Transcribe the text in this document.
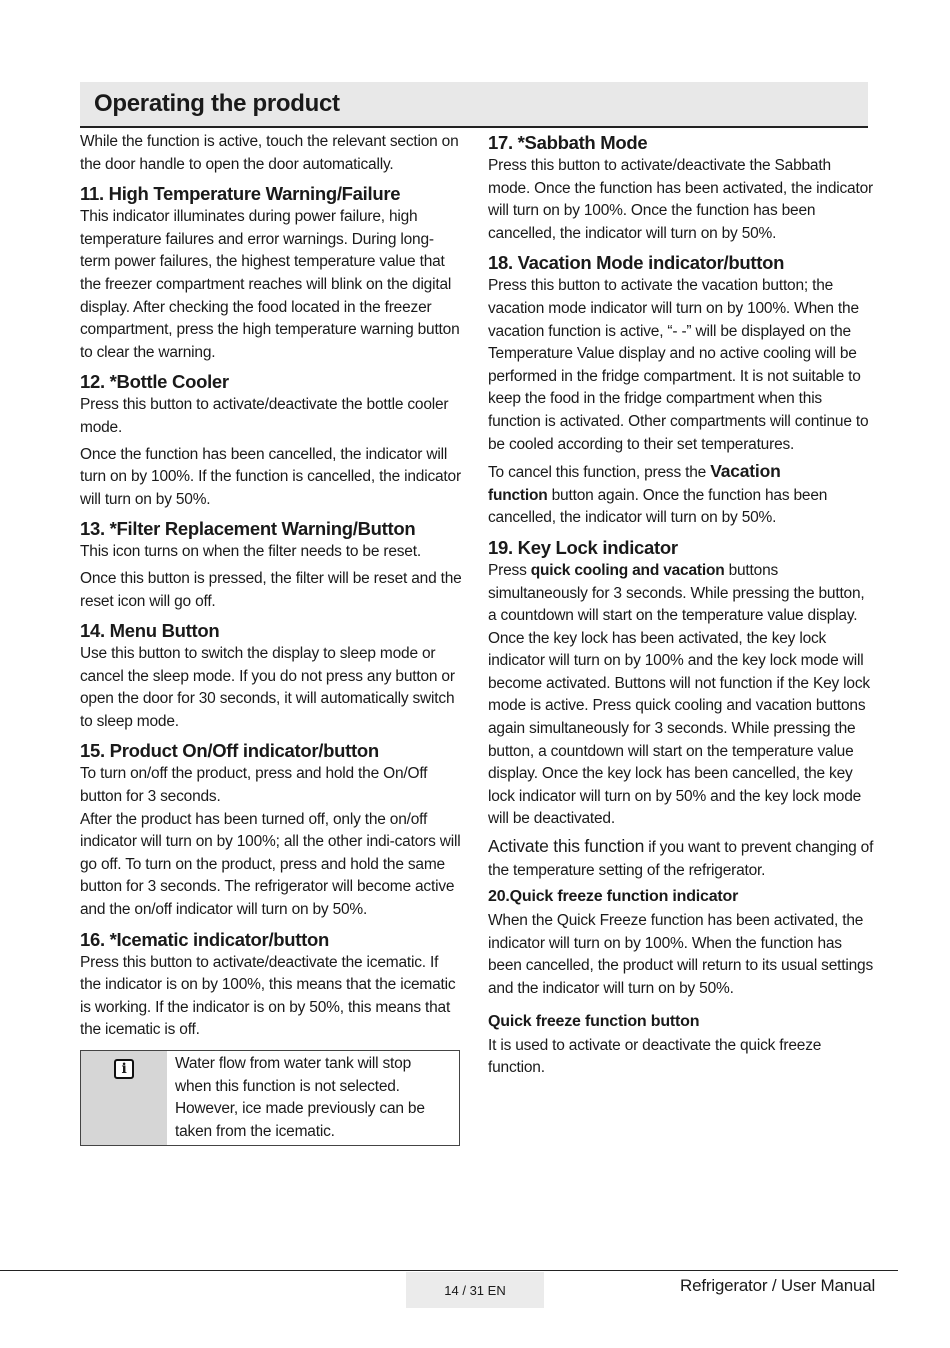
Operating the product

While the function is active, touch the relevant section on the door handle to open the door automatically.

11. High Temperature Warning/Failure

This indicator illuminates during power failure, high temperature failures and error warnings. During long-term power failures, the highest temperature value that the freezer compartment reaches will blink on the digital display. After checking the food located in the freezer compartment, press the high temperature warning button to clear the warning.

12. *Bottle Cooler

Press this button to activate/deactivate the bottle cooler mode.

Once the function has been cancelled, the indicator will turn on by 100%. If the function is cancelled, the indicator will turn on by 50%.

13. *Filter Replacement Warning/Button

This icon turns on when the filter needs to be reset.

Once this button is pressed, the filter will be reset and the reset icon will go off.

14. Menu Button

Use this button to switch the display to sleep mode or cancel the sleep mode. If you do not press any button or open the door for 30 seconds, it will automatically switch to sleep mode.

15. Product On/Off indicator/button

To turn on/off the product, press and hold the On/Off button for 3 seconds.

After the product has been turned off, only the on/off indicator will turn on by 100%; all the other indi-cators will go off. To turn on the product, press and hold the same button for 3 seconds. The refrigerator will become active and the on/off indicator will turn on by 50%.

16. *Icematic indicator/button

Press this button to activate/deactivate the icematic. If the indicator is on by 100%, this means that the icematic is working. If the indicator is on by 50%, this means that the icematic is off.

i	Water flow from water tank will stop when this function is not selected. However, ice made previously can be taken from the icematic.
17. *Sabbath Mode

Press this button to activate/deactivate the Sabbath mode. Once the function has been activated, the indicator will turn on by 100%. Once the function has been cancelled, the indicator will turn on by 50%.

18. Vacation Mode indicator/button

Press this button to activate the vacation button; the vacation mode indicator will turn on by 100%. When the vacation function is active, “- -” will be displayed on the Temperature Value display and no active cooling will be performed in the fridge compartment. It is not suitable to keep the food in the fridge compartment when this function is activated. Other compartments will continue to be cooled according to their set temperatures.

To cancel this function, press the Vacation
function button again. Once the function has been cancelled, the indicator will turn on by 50%.

19. Key Lock indicator

Press quick cooling and vacation buttons simultaneously for 3 seconds. While pressing the button, a countdown will start on the temperature value display. Once the key lock has been activated, the key lock indicator will turn on by 100% and the key lock mode will become activated. Buttons will not function if the Key lock mode is active. Press quick cooling and vacation buttons again simultaneously for 3 seconds. While pressing the button, a countdown will start on the temperature value display. Once the key lock has been cancelled, the key lock indicator will turn on by 50% and the key lock mode will be deactivated.

Activate this function if you want to prevent changing of the temperature setting of the refrigerator.

20.Quick freeze function indicator

When the Quick Freeze function has been activated, the indicator will turn on by 100%. When the function has been cancelled, the product will return to its usual settings and the indicator will turn on by 50%.

Quick freeze function button

It is used to activate or deactivate the quick freeze function.

14 / 31 EN	Refrigerator / User Manual
